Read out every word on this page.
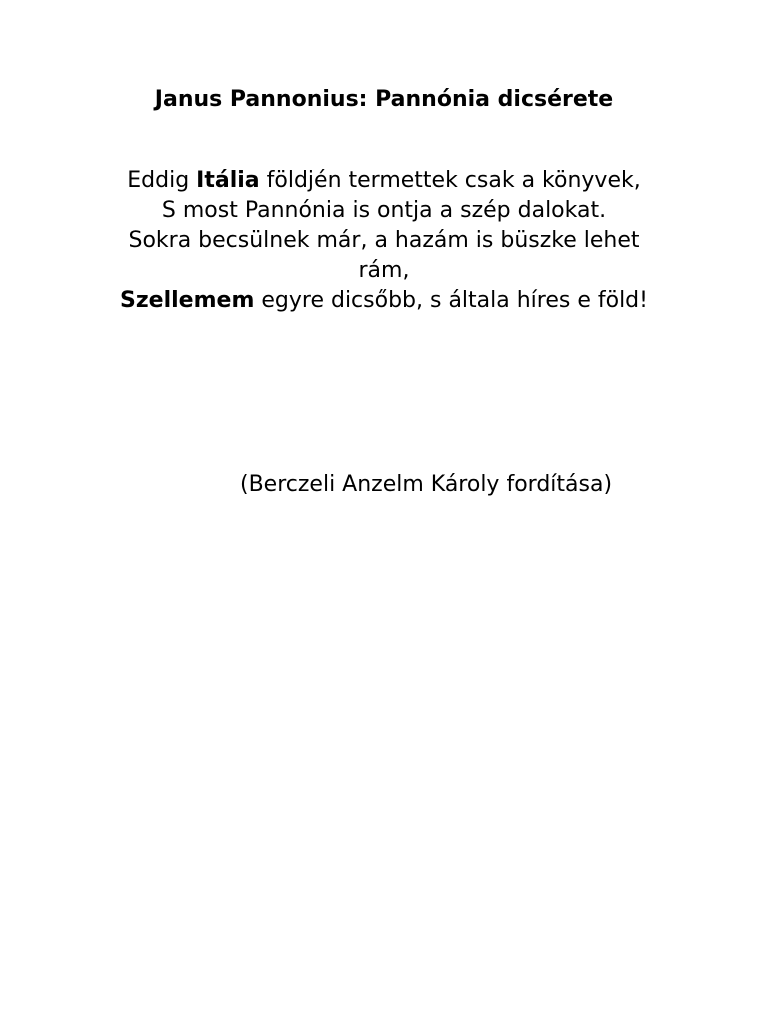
Janus Pannonius: Pannónia dicsérete
Eddig Itália földjén termettek csak a könyvek,
S most Pannónia is ontja a szép dalokat.
Sokra becsülnek már, a hazám is büszke lehet rám,
Szellemem egyre dicsőbb, s általa híres e föld!
(Berczeli Anzelm Károly fordítása)
